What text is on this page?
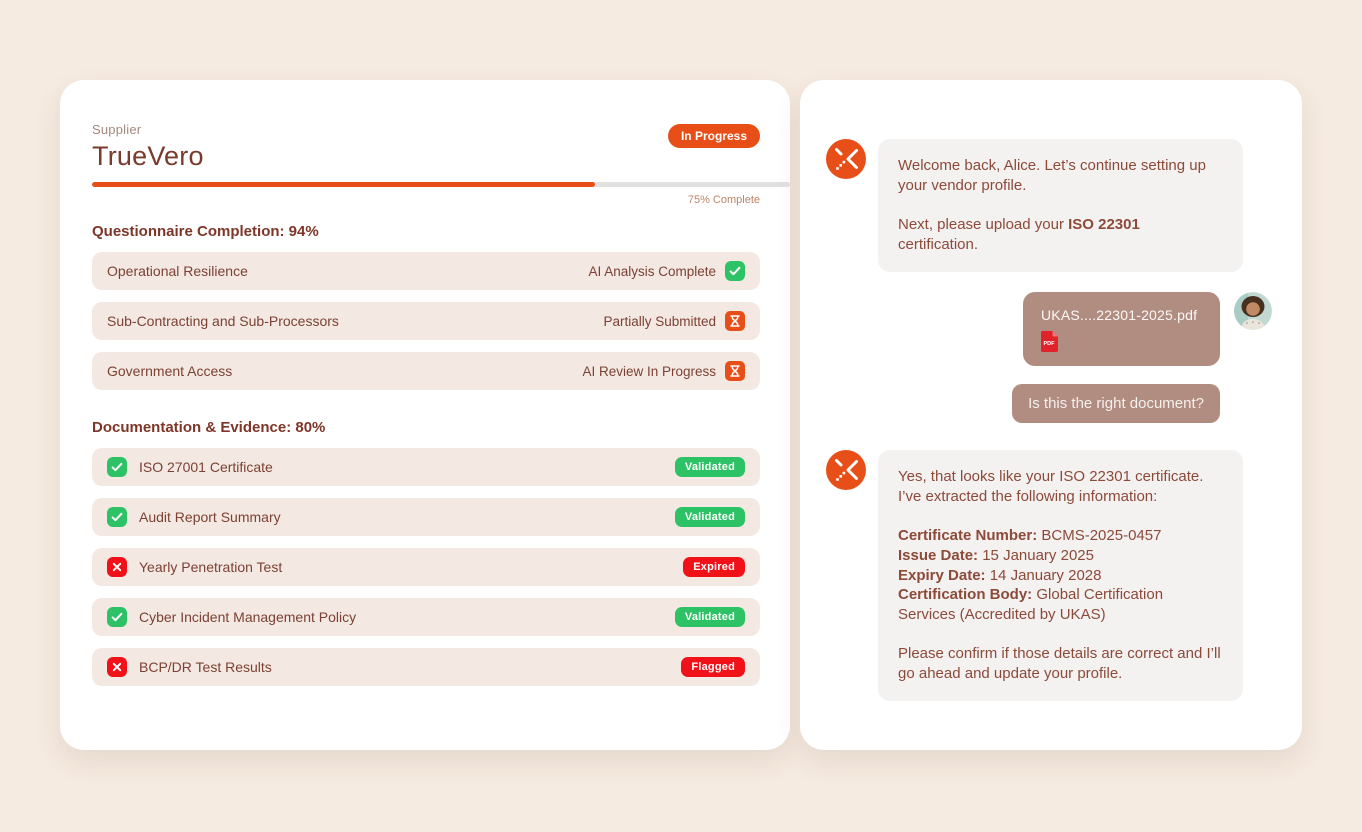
Supplier
TrueVero
In Progress
75% Complete
Questionnaire Completion: 94%
Operational Resilience	AI Analysis Complete
Sub-Contracting and Sub-Processors	Partially Submitted
Government Access	AI Review In Progress
Documentation & Evidence: 80%
ISO 27001 Certificate	Validated
Audit Report Summary	Validated
Yearly Penetration Test	Expired
Cyber Incident Management Policy	Validated
BCP/DR Test Results	Flagged

Welcome back, Alice. Let’s continue setting up your vendor profile.

Next, please upload your ISO 22301 certification.

UKAS....22301-2025.pdf
PDF
Is this the right document?

Yes, that looks like your ISO 22301 certificate. I’ve extracted the following information:

Certificate Number: BCMS-2025-0457
Issue Date: 15 January 2025
Expiry Date: 14 January 2028
Certification Body: Global Certification Services (Accredited by UKAS)

Please confirm if those details are correct and I’ll go ahead and update your profile.
